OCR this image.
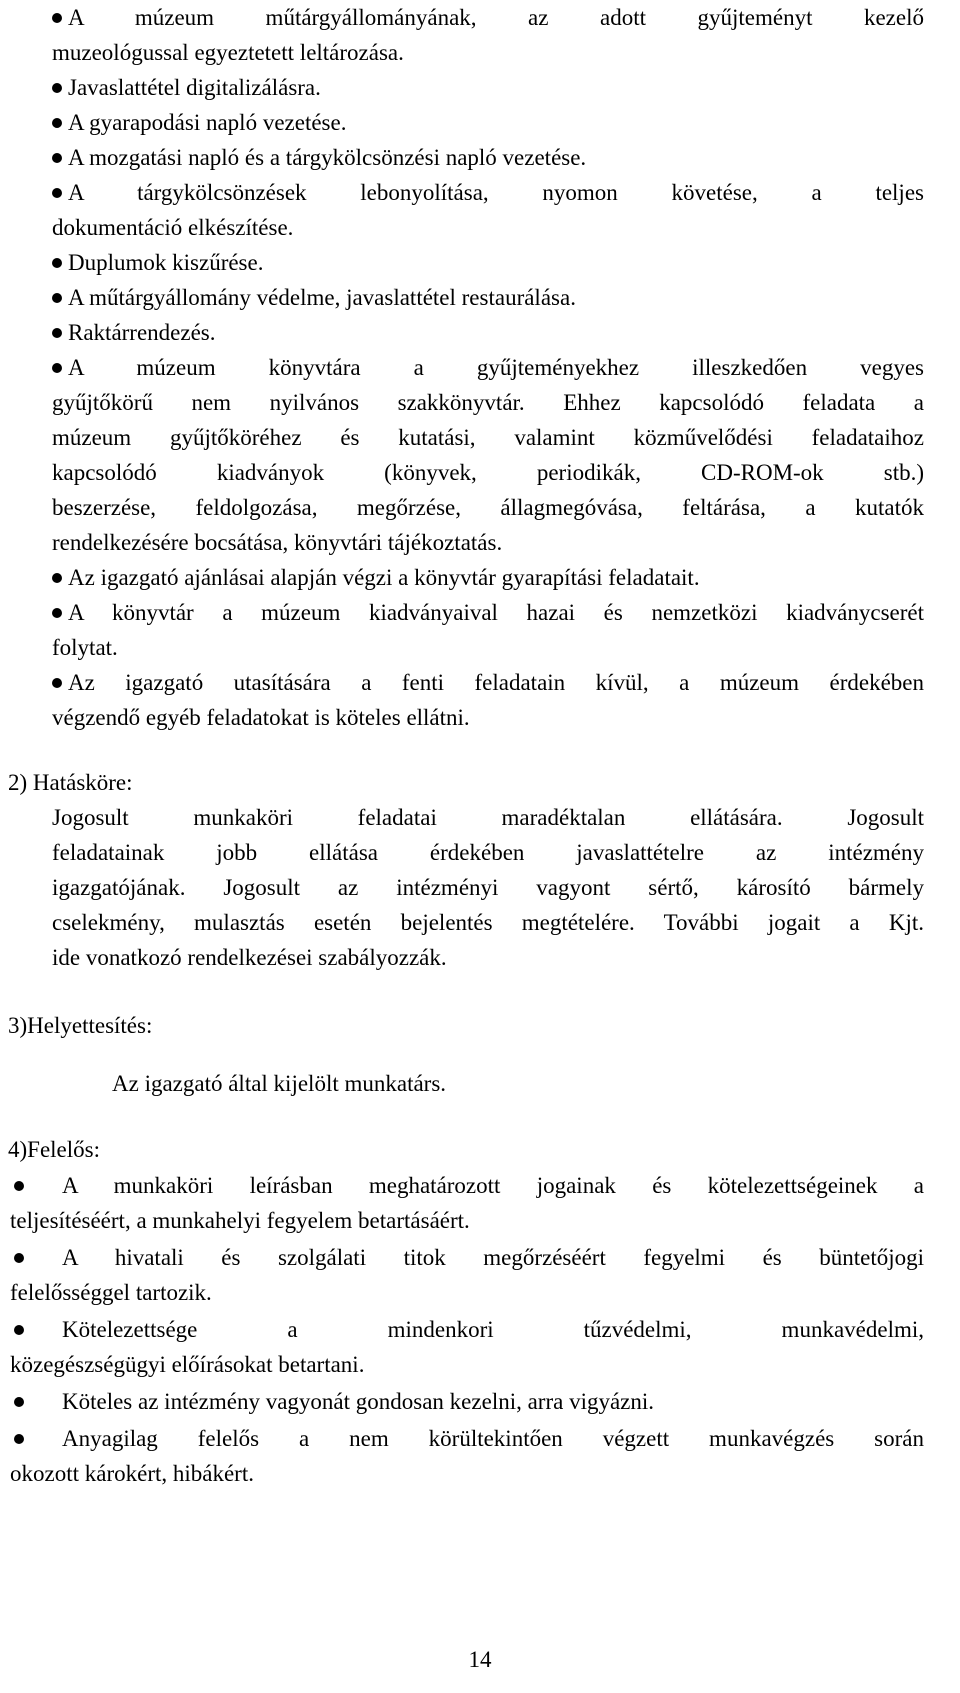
A múzeum műtárgyállományának, az adott gyűjteményt kezelő
muzeológussal egyeztetett leltározása.
Javaslattétel digitalizálásra.
A gyarapodási napló vezetése.
A mozgatási napló és a tárgykölcsönzési napló vezetése.
A tárgykölcsönzések lebonyolítása, nyomon követése, a teljes
dokumentáció elkészítése.
Duplumok kiszűrése.
A műtárgyállomány védelme, javaslattétel restaurálása.
Raktárrendezés.
A múzeum könyvtára a gyűjteményekhez illeszkedően vegyes
gyűjtőkörű nem nyilvános szakkönyvtár. Ehhez kapcsolódó feladata a
múzeum gyűjtőköréhez és kutatási, valamint közművelődési feladataihoz
kapcsolódó kiadványok (könyvek, periodikák, CD-ROM-ok stb.)
beszerzése, feldolgozása, megőrzése, állagmegóvása, feltárása, a kutatók
rendelkezésére bocsátása, könyvtári tájékoztatás.
Az igazgató ajánlásai alapján végzi a könyvtár gyarapítási feladatait.
A könyvtár a múzeum kiadványaival hazai és nemzetközi kiadványcserét
folytat.
Az igazgató utasítására a fenti feladatain kívül, a múzeum érdekében
végzendő egyéb feladatokat is köteles ellátni.
2) Hatásköre:
Jogosult munkaköri feladatai maradéktalan ellátására. Jogosult
feladatainak jobb ellátása érdekében javaslattételre az intézmény
igazgatójának. Jogosult az intézményi vagyont sértő, károsító bármely
cselekmény, mulasztás esetén bejelentés megtételére. További jogait a Kjt.
ide vonatkozó rendelkezései szabályozzák.
3)Helyettesítés:
Az igazgató által kijelölt munkatárs.
4)Felelős:
A munkaköri leírásban meghatározott jogainak és kötelezettségeinek a
teljesítéséért, a munkahelyi fegyelem betartásáért.
A hivatali és szolgálati titok megőrzéséért fegyelmi és büntetőjogi
felelősséggel tartozik.
Kötelezettsége a mindenkori tűzvédelmi, munkavédelmi,
közegészségügyi előírásokat betartani.
Köteles az intézmény vagyonát gondosan kezelni, arra vigyázni.
Anyagilag felelős a nem körültekintően végzett munkavégzés során
okozott károkért, hibákért.
14
